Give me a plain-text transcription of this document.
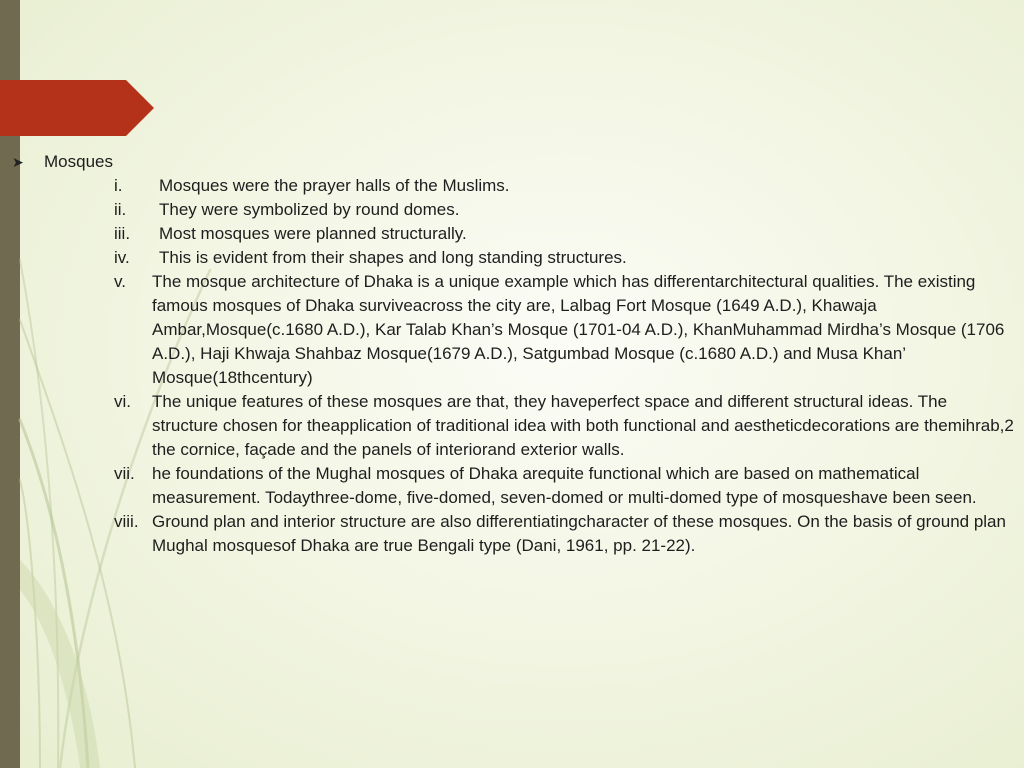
➤ Mosques
i.	Mosques were the prayer halls of the Muslims.
ii.	They were symbolized by round domes.
iii.	Most mosques were planned structurally.
iv.	This is evident from their shapes and long standing structures.
v.	The mosque architecture of Dhaka is a unique example which has differentarchitectural qualities. The existing famous mosques of Dhaka surviveacross the city are, Lalbag Fort Mosque (1649 A.D.), Khawaja Ambar,Mosque(c.1680 A.D.), Kar Talab Khan’s Mosque (1701-04 A.D.), KhanMuhammad Mirdha’s Mosque (1706 A.D.), Haji Khwaja Shahbaz Mosque(1679 A.D.), Satgumbad Mosque (c.1680 A.D.) and Musa Khan’ Mosque(18thcentury)
vi.	The unique features of these mosques are that, they haveperfect space and different structural ideas. The structure chosen for theapplication of traditional idea with both functional and aestheticdecorations are themihrab,2 the cornice, façade and the panels of interiorand exterior walls.
vii.	he foundations of the Mughal mosques of Dhaka arequite functional which are based on mathematical measurement. Todaythree-dome, five-domed, seven-domed or multi-domed type of mosqueshave been seen.
viii. Ground plan and interior structure are also differentiatingcharacter of these mosques. On the basis of ground plan Mughal mosquesof Dhaka are true Bengali type (Dani, 1961, pp. 21-22).
